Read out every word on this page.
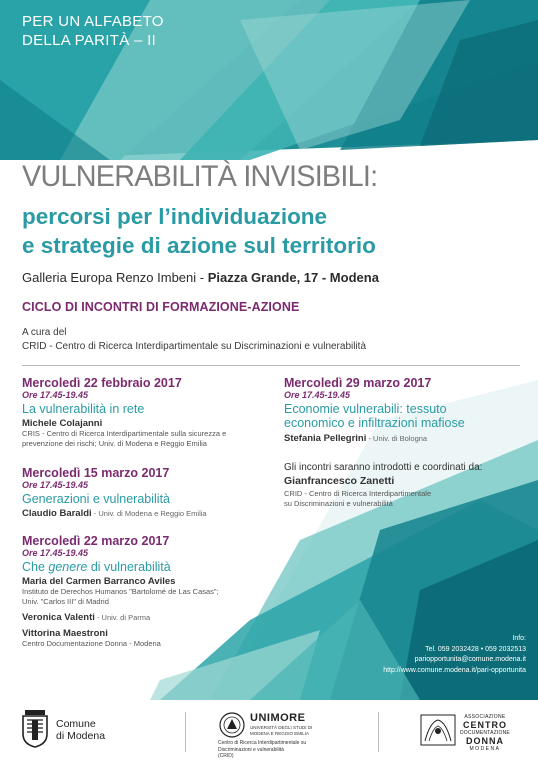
PER UN ALFABETO
DELLA PARITÀ – II
VULNERABILITÀ INVISIBILI:
percorsi per l’individuazione
e strategie di azione sul territorio
Galleria Europa Renzo Imbeni - Piazza Grande, 17 - Modena
CICLO DI INCONTRI DI FORMAZIONE-AZIONE
A cura del
CRID - Centro di Ricerca Interdipartimentale su Discriminazioni e vulnerabilità
Mercoledì 22 febbraio 2017
Ore 17.45-19.45
La vulnerabilità in rete
Michele Colajanni
CRIS - Centro di Ricerca Interdipartimentale sulla sicurezza e
prevenzione dei rischi; Univ. di Modena e Reggio Emilia
Mercoledì 15 marzo 2017
Ore 17.45-19.45
Generazioni e vulnerabilità
Claudio Baraldi - Univ. di Modena e Reggio Emilia
Mercoledì 22 marzo 2017
Ore 17.45-19.45
Che genere di vulnerabilità
Maria del Carmen Barranco Aviles
Instituto de Derechos Humanos "Bartolomé de Las Casas";
Univ. "Carlos III" di Madrid
Veronica Valenti - Univ. di Parma
Vittorina Maestroni
Centro Documentazione Donna - Modena
Mercoledì 29 marzo 2017
Ore 17.45-19.45
Economie vulnerabili: tessuto
economico e infiltrazioni mafiose
Stefania Pellegrini - Univ. di Bologna
Gli incontri saranno introdotti e coordinati da:
Gianfrancesco Zanetti
CRID - Centro di Ricerca Interdipartimentale
su Discriminazioni e vulnerabilità
Info:
Tel. 059 2032428 • 059 2032513
pariopportunita@comune.modena.it
http://www.comune.modena.it/pari-opportunita
Comune
di Modena
UNIMORE
UNIVERSITÀ DEGLI STUDI DI
MODENA E REGGIO EMILIA
Centro di Ricerca Interdipartimentale su
Discriminazioni e vulnerabilità
(CRID)
ASSOCIAZIONE
CENTRO
DOCUMENTAZIONE
DONNA
MODENA
